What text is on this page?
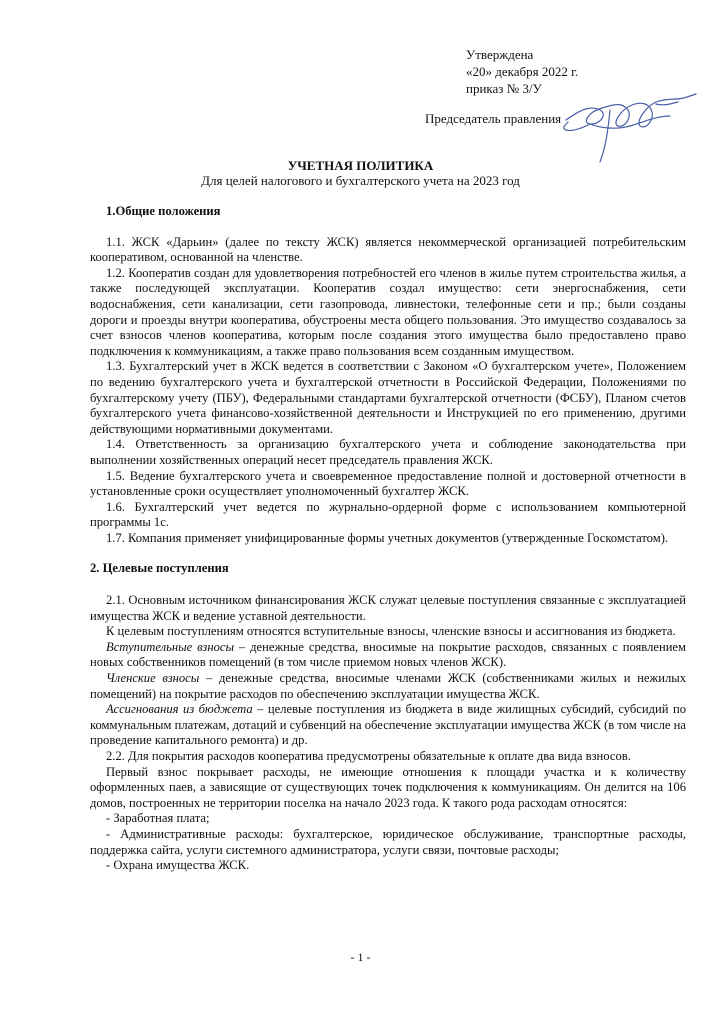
Утверждена
«20» декабря 2022 г.
приказ № 3/У
Председатель правления
УЧЕТНАЯ ПОЛИТИКА
Для целей налогового и бухгалтерского учета на 2023 год
1.Общие положения

1.1. ЖСК «Дарьин» (далее по тексту ЖСК) является некоммерческой организацией потребительским кооперативом, основанной на членстве.

1.2. Кооператив создан для удовлетворения потребностей его членов в жилье путем строительства жилья, а также последующей эксплуатации. Кооператив создал имущество: сети энергоснабжения, сети водоснабжения, сети канализации, сети газопровода, ливнестоки, телефонные сети и пр.; были созданы дороги и проезды внутри кооператива, обустроены места общего пользования. Это имущество создавалось за счет взносов членов кооператива, которым после создания этого имущества было предоставлено право подключения к коммуникациям, а также право пользования всем созданным имуществом.

1.3. Бухгалтерский учет в ЖСК ведется в соответствии с Законом «О бухгалтерском учете», Положением по ведению бухгалтерского учета и бухгалтерской отчетности в Российской Федерации, Положениями по бухгалтерскому учету (ПБУ), Федеральными стандартами бухгалтерской отчетности (ФСБУ), Планом счетов бухгалтерского учета финансово-хозяйственной деятельности и Инструкцией по его применению, другими действующими нормативными документами.

1.4. Ответственность за организацию бухгалтерского учета и соблюдение законодательства при выполнении хозяйственных операций несет председатель правления ЖСК.

1.5. Ведение бухгалтерского учета и своевременное предоставление полной и достоверной отчетности в установленные сроки осуществляет уполномоченный бухгалтер ЖСК.

1.6. Бухгалтерский учет ведется по журнально-ордерной форме с использованием компьютерной программы 1с.

1.7. Компания применяет унифицированные формы учетных документов (утвержденные Госкомстатом).

2. Целевые поступления

2.1. Основным источником финансирования ЖСК служат целевые поступления связанные с эксплуатацией имущества ЖСК и ведение уставной деятельности.

К целевым поступлениям относятся вступительные взносы, членские взносы и ассигнования из бюджета.

Вступительные взносы – денежные средства, вносимые на покрытие расходов, связанных с появлением новых собственников помещений (в том числе приемом новых членов ЖСК).

Членские взносы – денежные средства, вносимые членами ЖСК (собственниками жилых и нежилых помещений) на покрытие расходов по обеспечению эксплуатации имущества ЖСК.

Ассигнования из бюджета – целевые поступления из бюджета в виде жилищных субсидий, субсидий по коммунальным платежам, дотаций и субвенций на обеспечение эксплуатации имущества ЖСК (в том числе на проведение капитального ремонта) и др.

2.2. Для покрытия расходов кооператива предусмотрены обязательные к оплате два вида взносов.

Первый взнос покрывает расходы, не имеющие отношения к площади участка и к количеству оформленных паев, а зависящие от существующих точек подключения к коммуникациям. Он делится на 106 домов, построенных не территории поселка на начало 2023 года. К такого рода расходам относятся:

- Заработная плата;

- Административные расходы: бухгалтерское, юридическое обслуживание, транспортные расходы, поддержка сайта, услуги системного администратора, услуги связи, почтовые расходы;

- Охрана имущества ЖСК.

- 1 -
